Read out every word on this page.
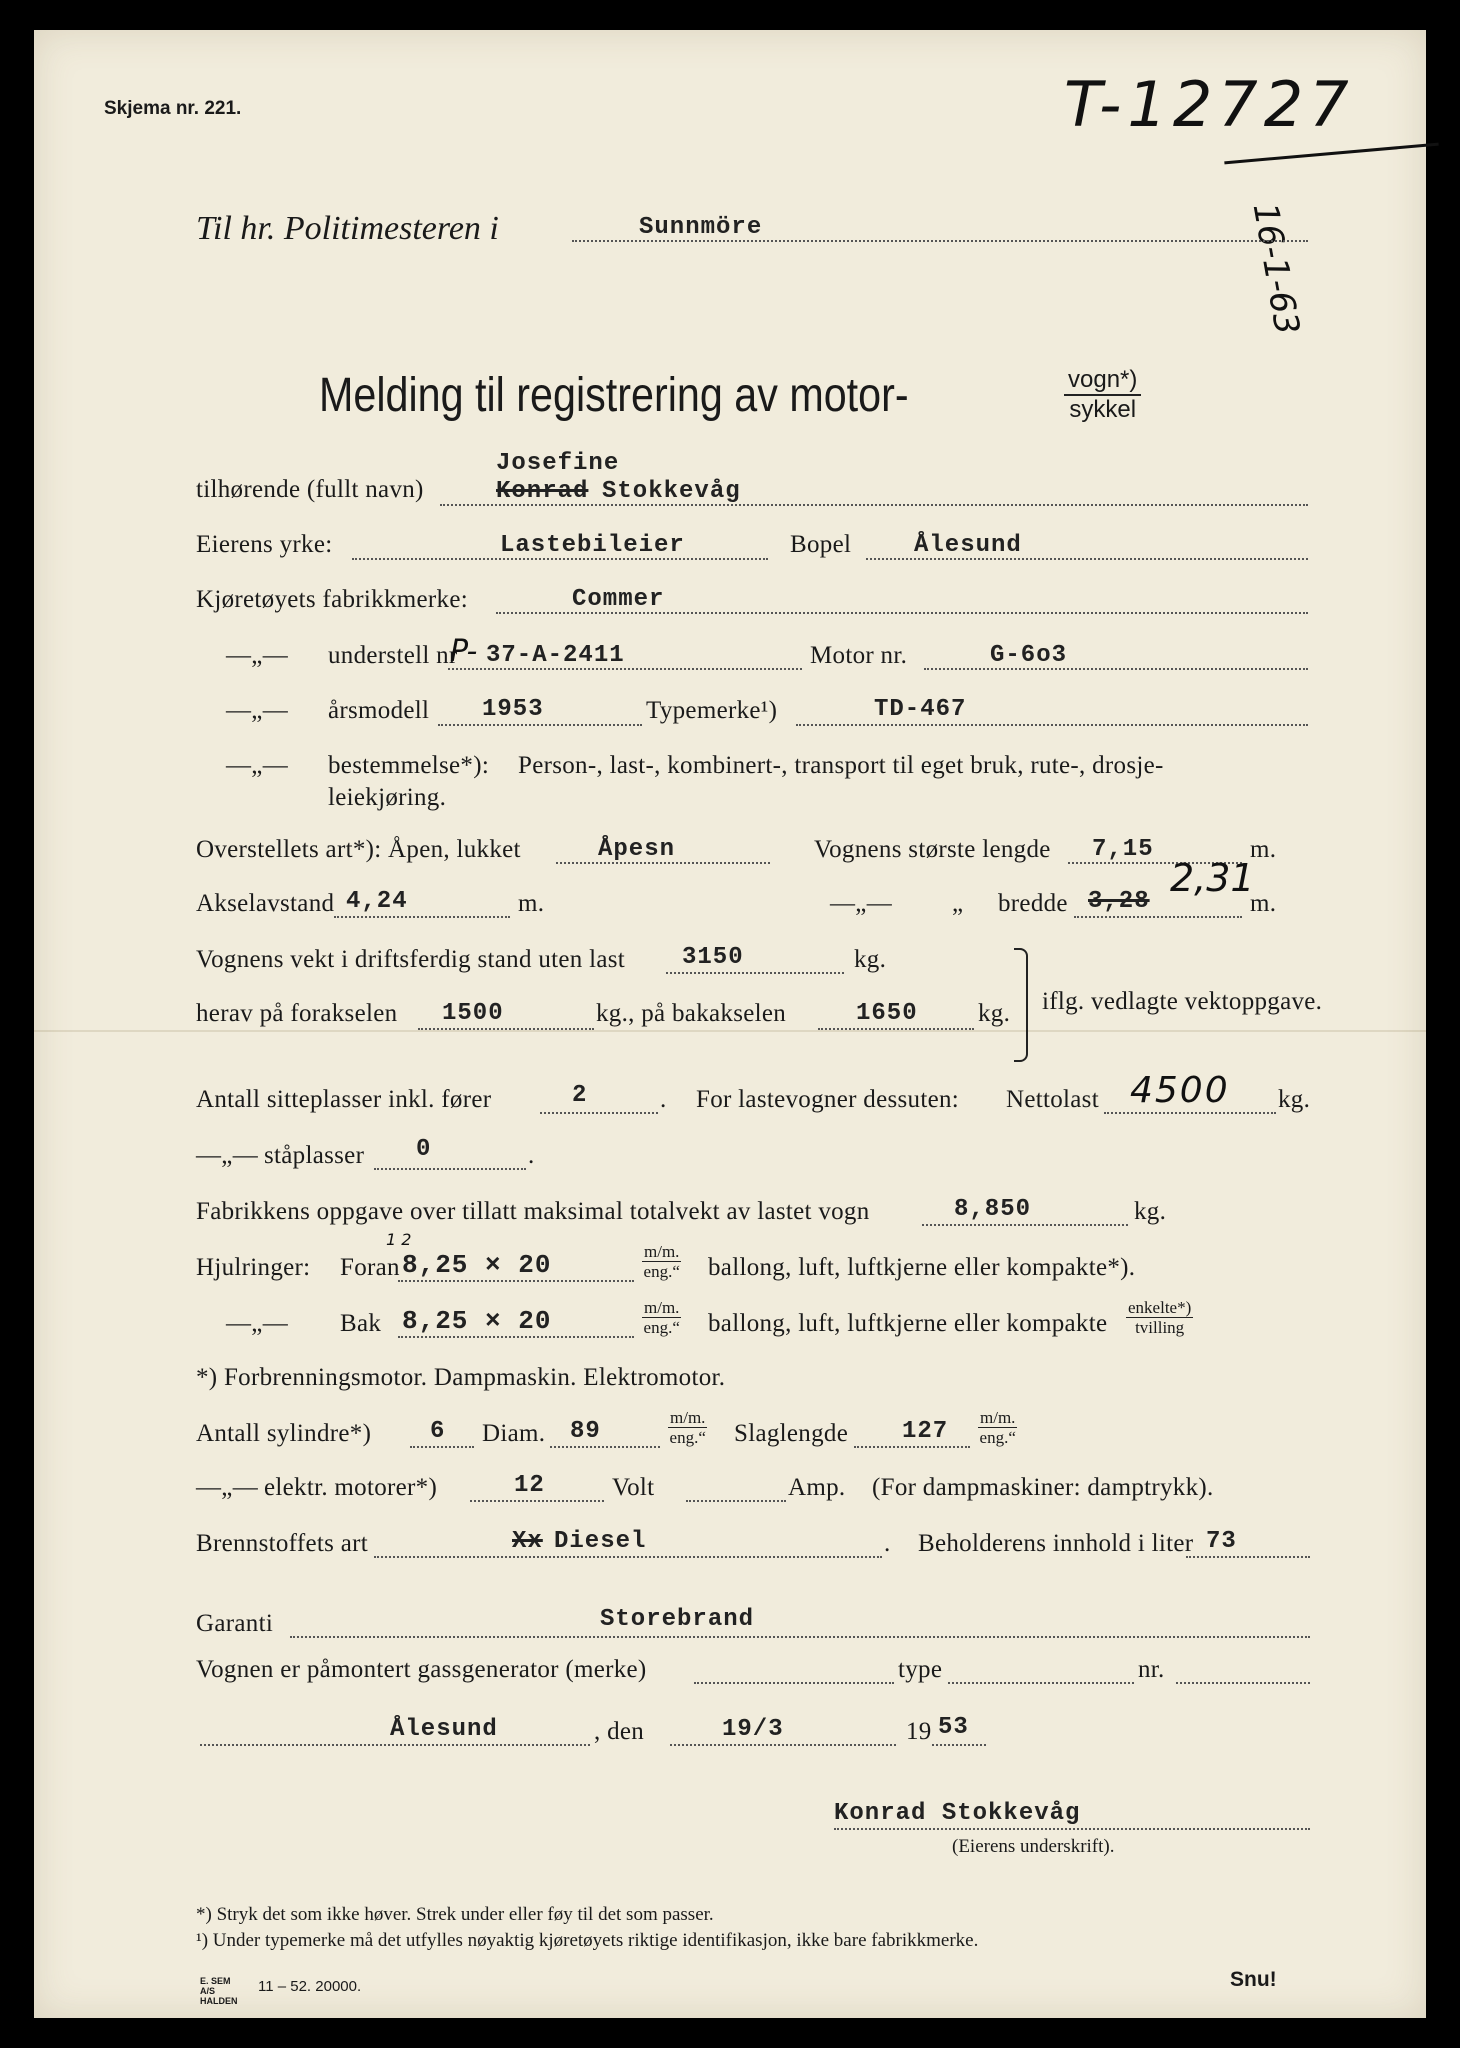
Skjema nr. 221.	T-12727
16-1-63
Til hr. Politimesteren i	Sunnmöre
Melding til registrering av motor-	vogn*)
sykkel
Josefine
tilhørende (fullt navn)	Konrad Stokkevåg
Eierens yrke:	Lastebileier	Bopel	Ålesund
Kjøretøyets fabrikkmerke:	Commer
—„— understell nr
P- 37-A-2411	Motor nr.	G-6o3
—„— årsmodell 1953	Typemerke¹)	TD-467
—„— bestemmelse*): Person-, last-, kombinert-, transport til eget bruk, rute-, drosje-
leiekjøring.
Overstellets art*): Åpen, lukket	Åpesn	Vognens største lengde 7,15	m.
Akselavstand 4,24	m.	—„— „ bredde 3,28
2,31
m.
Vognens vekt i driftsferdig stand uten last 3150	kg.
herav på forakselen 1500	kg., på bakakselen	1650 kg. iflg. vedlagte vektoppgave.
Antall sitteplasser inkl. fører	2	. For lastevogner dessuten: Nettolast 4500 kg.
—„— ståplasser 0	.
Fabrikkens oppgave over tillatt maksimal totalvekt av lastet vogn	8,850	kg.
Hjulringer: Foran
1 2
8,25 × 20	$\frac{m/m.}{\text{eng.“}}$ ballong, luft, luftkjerne eller kompakte*).
—„— Bak 8,25 × 20	$\frac{m/m.}{\text{eng.“}}$ ballong, luft, luftkjerne eller kompakte $\frac{\text{enkelte*)}}{\text{tvilling}}$
*) Forbrenningsmotor. Dampmaskin. Elektromotor.
Antall sylindre*) 6 Diam. 89	$\frac{m/m.}{\text{eng.“}}$ Slaglengde $127 \frac{m/m.}{\text{eng.“}}$
—„— elektr. motorer*)	12	Volt	Amp. (For dampmaskiner: damptrykk).
Brennstoffets art	Xx Diesel	. Beholderens innhold i liter 73
Garanti	Storebrand
Vognen er påmontert gassgenerator (merke)	type	nr.
Ålesund	, den	19/3	19 53
Konrad Stokkevåg
(Eierens underskrift).
*) Stryk det som ikke høver. Strek under eller føy til det som passer.
¹) Under typemerke må det utfylles nøyaktig kjøretøyets riktige identifikasjon, ikke bare fabrikkmerke.
E. SEM A/S HALDEN
11 – 52. 20000.	Snu!
